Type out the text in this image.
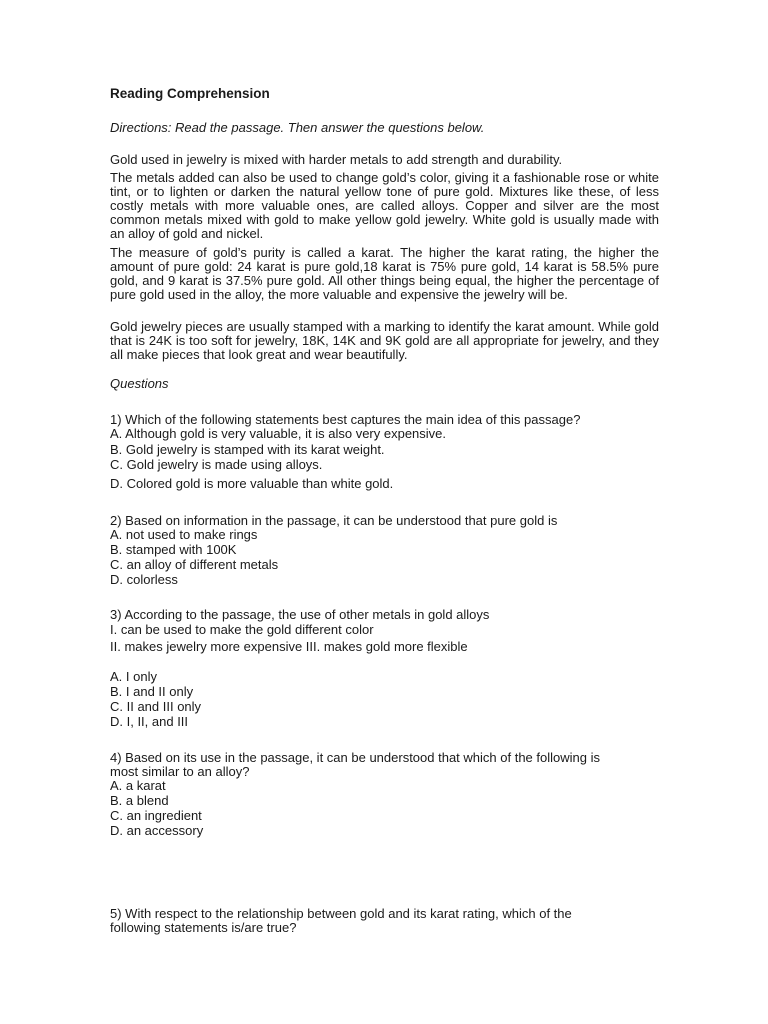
Reading Comprehension
Directions: Read the passage. Then answer the questions below.
Gold used in jewelry is mixed with harder metals to add strength and durability.
The metals added can also be used to change gold’s color, giving it a fashionable rose or white tint, or to lighten or darken the natural yellow tone of pure gold. Mixtures like these, of less costly metals with more valuable ones, are called alloys. Copper and silver are the most common metals mixed with gold to make yellow gold jewelry. White gold is usually made with an alloy of gold and nickel.
The measure of gold’s purity is called a karat. The higher the karat rating, the higher the amount of pure gold: 24 karat is pure gold,18 karat is 75% pure gold, 14 karat is 58.5% pure gold, and 9 karat is 37.5% pure gold. All other things being equal, the higher the percentage of pure gold used in the alloy, the more valuable and expensive the jewelry will be.
Gold jewelry pieces are usually stamped with a marking to identify the karat amount. While gold that is 24K is too soft for jewelry, 18K, 14K and 9K gold are all appropriate for jewelry, and they all make pieces that look great and wear beautifully.
Questions
1) Which of the following statements best captures the main idea of this passage?
A. Although gold is very valuable, it is also very expensive.
B. Gold jewelry is stamped with its karat weight.
C. Gold jewelry is made using alloys.
D. Colored gold is more valuable than white gold.
2) Based on information in the passage, it can be understood that pure gold is
A. not used to make rings
B. stamped with 100K
C. an alloy of different metals
D. colorless
3) According to the passage, the use of other metals in gold alloys
I. can be used to make the gold different color
II. makes jewelry more expensive III. makes gold more flexible
A. I only
B. I and II only
C. II and III only
D. I, II, and III
4) Based on its use in the passage, it can be understood that which of the following is
most similar to an alloy?
A. a karat
B. a blend
C. an ingredient
D. an accessory
5) With respect to the relationship between gold and its karat rating, which of the
following statements is/are true?
